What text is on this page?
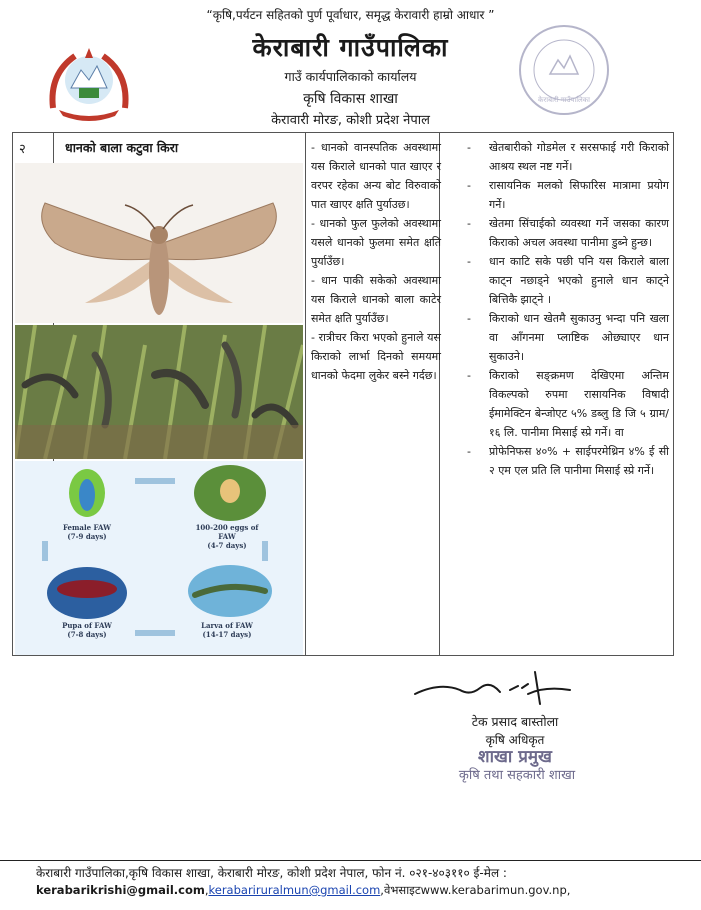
“कृषि,पर्यटन सहितको पुर्ण पूर्वाधार, समृद्ध केरावारी हाम्रो आधार ”
केराबारी गाउँपालिका
गाउँ कार्यपालिकाको कार्यालय
कृषि विकास शाखा
केरावारी मोरङ, कोशी प्रदेश नेपाल
केराबारी गाउँपालिका
२	धानको बाला कटुवा किरा
Female FAW
(7-9 days)
100-200 eggs of FAW
(4-7 days)
Larva of FAW
(14-17 days)
Pupa of FAW
(7-8 days)

- धानको वानस्पतिक अवस्थामा यस किराले धानको पात खाएर र वरपर रहेका अन्य बोट विरुवाको पात खाएर क्षति पुर्याउछ।

- धानको फुल फुलेको अवस्थामा यसले धानको फुलमा समेत क्षति पुर्याउँछ।

- धान पाकी सकेको अवस्थामा यस किराले धानको बाला काटेर समेत क्षति पुर्याउँछ।

- रात्रीचर किरा भएको हुनाले यस किराको लार्भा दिनको समयमा धानको फेदमा लुकेर बस्ने गर्दछ।

-	खेतबारीको गोडमेल र सरसफाई गरी किराको आश्रय स्थल नष्ट गर्ने।
-	रासायनिक मलको सिफारिस मात्रामा प्रयोग गर्ने।
-	खेतमा सिंचाईको व्यवस्था गर्ने जसका कारण किराको अचल अवस्था पानीमा डुब्ने हुन्छ।
-	धान काटि सके पछी पनि यस किराले बाला काट्न नछाड्ने भएको हुनाले धान काट्ने बित्तिकै झाट्ने ।
-	किराको धान खेतमै सुकाउनु भन्दा पनि खला वा आँगनमा प्लाष्टिक ओछ्याएर धान सुकाउने।
-	किराको सङ्क्रमण देखिएमा अन्तिम विकल्पको रुपमा रासायनिक विषादी ईमामेक्टिन बेन्जोएट ५% डब्लु डि जि ५ ग्राम/१६ लि. पानीमा मिसाई स्प्रे गर्ने। वा
-	प्रोफेनिफस ४०% + साईपरमेथ्रिन ४% ई सी २ एम एल प्रति लि पानीमा मिसाई स्प्रे गर्ने।
टेक प्रसाद बास्तोला
कृषि अधिकृत
शाखा प्रमुख
कृषि तथा सहकारी शाखा
केराबारी गाउँपालिका,कृषि विकास शाखा, केराबारी मोरङ, कोशी प्रदेश नेपाल, फोन नं. ०२१-४०३११० ई-मेल :
kerabarikrishi@gmail.com,kerabariruralmun@gmail.com,वेभसाइटwww.kerabarimun.gov.np,
